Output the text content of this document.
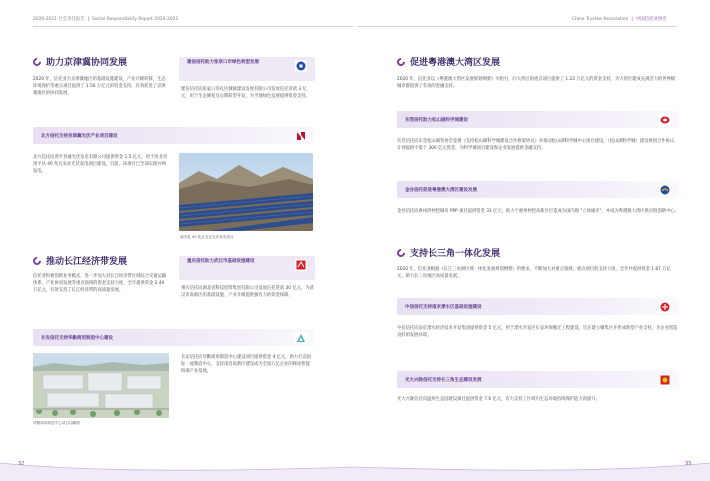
2020-2021 社会责任报告 | Social Responsibility Report 2020-2021
助力京津冀协同发展
2020 年，信托业为京津冀地区的基础设施建设、产业升级转移、生态环境保护等重点项目提供了 1.50 万亿元的资金支持，有效促进了京津冀地区的协同发展。
建信信托助力张家口市绿色转型发展
建信信托向张家口崇礼区城镇建设发展有限公司发放信托贷款 3 亿元，用于生态修复及后期转型开发，为当地绿色发展提供资金支持。
北方信托支持京津冀光伏产业项目建设
北方信托向滦平县通光伏发电有限公司提供资金 1.5 亿元，用于河北省滦平县 40 兆瓦农业光伏发电项目建设。目前，该项目已全部实现并网发电。
滦平县 40 兆瓦农业光伏发电项目
推动长江经济带发展
信托业积极创新业务模式，进一步加大对长江经济带区域综合交通运输体系、产业协同发展等重点领域的资金支持力度，全年提供资金 2.49 万亿元，有效支持了长江经济带的高质量发展。
重庆信托助力武汉市基础设施建设
重庆信托向湖北省科技投资集团有限公司发放信托贷款 30 亿元，为武汉市高新区的基础设施、产业升级提供强有力的资金保障。
长安信托支持华勤商用制造中心建设
华勤商用制造中心项目鸟瞰图
长安信托向华勤商用制造中心建设项目提供资金 4 亿元，助力打造国际一流制造中心，支持南昌高新区建设成为全国万亿企业的移动智能终端产业基地。
32
China Trustee Association | 中国信托业协会
促进粤港澳大湾区发展
2020 年，信托业以《粤港澳大湾区发展规划纲要》为指引，向大湾区的重点项目提供了 1.23 万亿元的资金支持，为大湾区建成充满活力的世界级城市群提供了有效的金融支持。
东莞信托助力松山湖科学城建设
东莞信托向东莞松山湖管委会签署《支持松山湖科学城建设合作框架协议》并推动松山湖科学城中心项目建设，（松山湖科学城）建设规划合作协议，计划提供不低于 300 亿元资金，为科学城项目建设和企业发展提供金融支持。
金谷信托促进粤港澳大湾区建设发展
金谷信托向惠州湾仲恺城市 PPP 项目提供资金 31 亿元，助力于惠州仲恺高新区打造成为国内现 "立体城市"，并成为粤港澳大湾区供应链创新中心。
支持长三角一体化发展
2020 年，信托业根据《长江三角洲区域一体化发展规划纲要》的要求，不断加大对重点领域、重点项目的支持力度，全年共提供资金 1.87 万亿元，助力长三角地区高质量发展。
中信信托支持南京溧水区基础设施建设
中信信托向南京溧水经济技术开发集团提供资金 5 亿元，用于溧水开发区长安环保搬迁工程建设，旨在建立聚集区并形成新型产业支柱，为企业创造良好的发展环境。
光大兴陇信托支持长三角生态建设发展
光大兴陇信托向温州生态园建设项目提供资金 7.6 亿元，有力支持了区域内生态环境持续保护能力的提升。
33
